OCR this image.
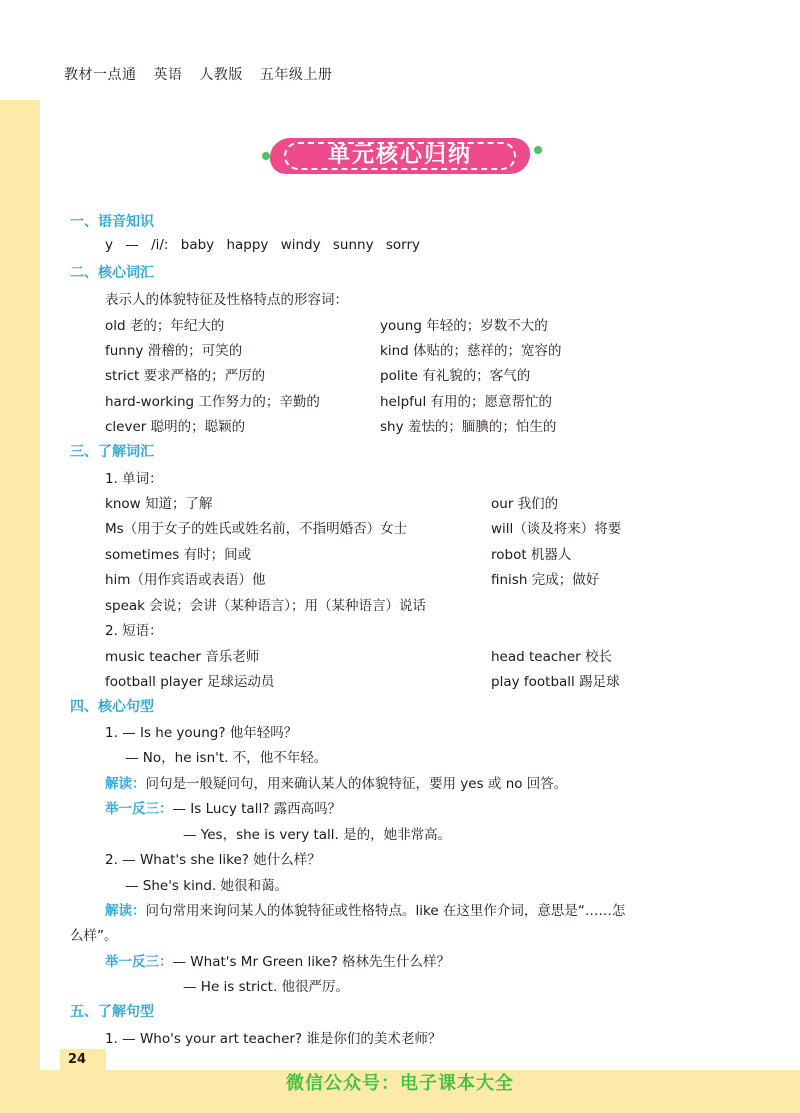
教材一点通 英语 人教版 五年级上册
单元核心归纳
一、语音知识
y — /i/: baby happy windy sunny sorry
二、核心词汇
表示人的体貌特征及性格特点的形容词：
old 老的；年纪大的
funny 滑稽的；可笑的
strict 要求严格的；严厉的
hard-working 工作努力的；辛勤的
clever 聪明的；聪颖的
young 年轻的；岁数不大的
kind 体贴的；慈祥的；宽容的
polite 有礼貌的；客气的
helpful 有用的；愿意帮忙的
shy 羞怯的；腼腆的；怕生的
三、了解词汇
1. 单词：
know 知道；了解
Ms（用于女子的姓氏或姓名前，不指明婚否）女士
sometimes 有时；间或
him（用作宾语或表语）他
speak 会说；会讲（某种语言）；用（某种语言）说话
our 我们的
will（谈及将来）将要
robot 机器人
finish 完成；做好
2. 短语：
music teacher 音乐老师
football player 足球运动员
head teacher 校长
play football 踢足球
四、核心句型
1. — Is he young? 他年轻吗？
— No，he isn't. 不，他不年轻。
解读：问句是一般疑问句，用来确认某人的体貌特征，要用 yes 或 no 回答。
举一反三：— Is Lucy tall? 露西高吗？
— Yes，she is very tall. 是的，她非常高。
2. — What's she like? 她什么样？
— She's kind. 她很和蔼。
解读：问句常用来询问某人的体貌特征或性格特点。like 在这里作介词，意思是“……怎
么样”。
举一反三：— What's Mr Green like? 格林先生什么样？
— He is strict. 他很严厉。
五、了解句型
1. — Who's your art teacher? 谁是你们的美术老师？
24
微信公众号：电子课本大全
